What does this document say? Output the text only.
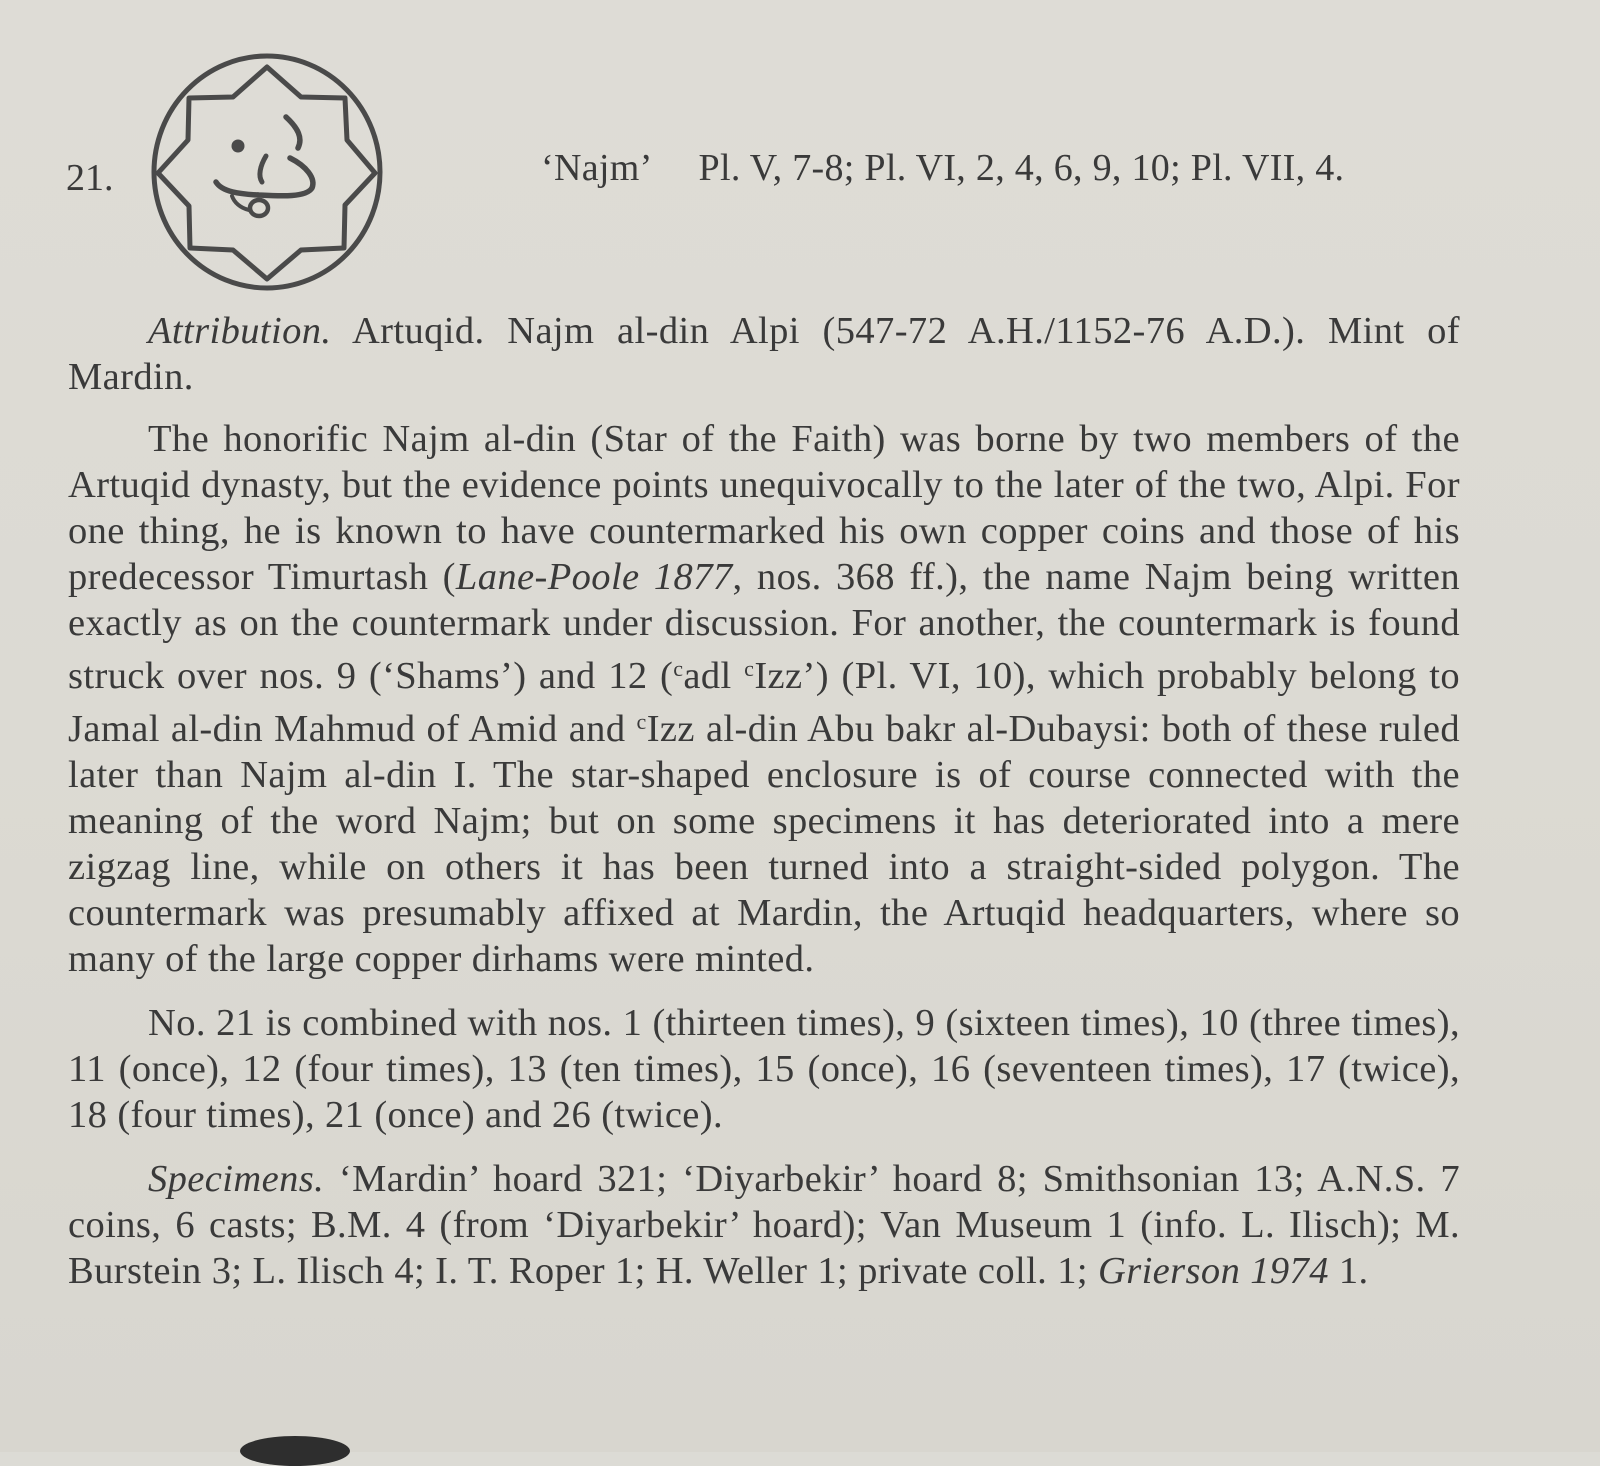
21.	‘Najm’ Pl. V, 7-8; Pl. VI, 2, 4, 6, 9, 10; Pl. VII, 4.

Attribution. Artuqid. Najm al-din Alpi (547-72 A.H./1152-76 A.D.). Mint of Mardin.

The honorific Najm al-din (Star of the Faith) was borne by two members of the Artuqid dynasty, but the evidence points unequivocally to the later of the two, Alpi. For one thing, he is known to have countermarked his own copper coins and those of his predecessor Timurtash (Lane-Poole 1877, nos. 368 ff.), the name Najm being written exactly as on the countermark under discussion. For another, the countermark is found struck over nos. 9 (‘Shams’) and 12 ($^c$adl $^c$Izz’) (Pl. VI, 10), which probably belong to Jamal al-din Mahmud of Amid and $^c$Izz al-din Abu bakr al-Dubaysi: both of these ruled later than Najm al-din I. The star-shaped enclosure is of course connected with the meaning of the word Najm; but on some specimens it has deteriorated into a mere zigzag line, while on others it has been turned into a straight-sided polygon. The countermark was presumably affixed at Mardin, the Artuqid headquarters, where so many of the large copper dirhams were minted.

No. 21 is combined with nos. 1 (thirteen times), 9 (sixteen times), 10 (three times), 11 (once), 12 (four times), 13 (ten times), 15 (once), 16 (seventeen times), 17 (twice), 18 (four times), 21 (once) and 26 (twice).

Specimens. ‘Mardin’ hoard 321; ‘Diyarbekir’ hoard 8; Smithsonian 13; A.N.S. 7 coins, 6 casts; B.M. 4 (from ‘Diyarbekir’ hoard); Van Museum 1 (info. L. Ilisch); M. Burstein 3; L. Ilisch 4; I. T. Roper 1; H. Weller 1; private coll. 1; Grierson 1974 1.
